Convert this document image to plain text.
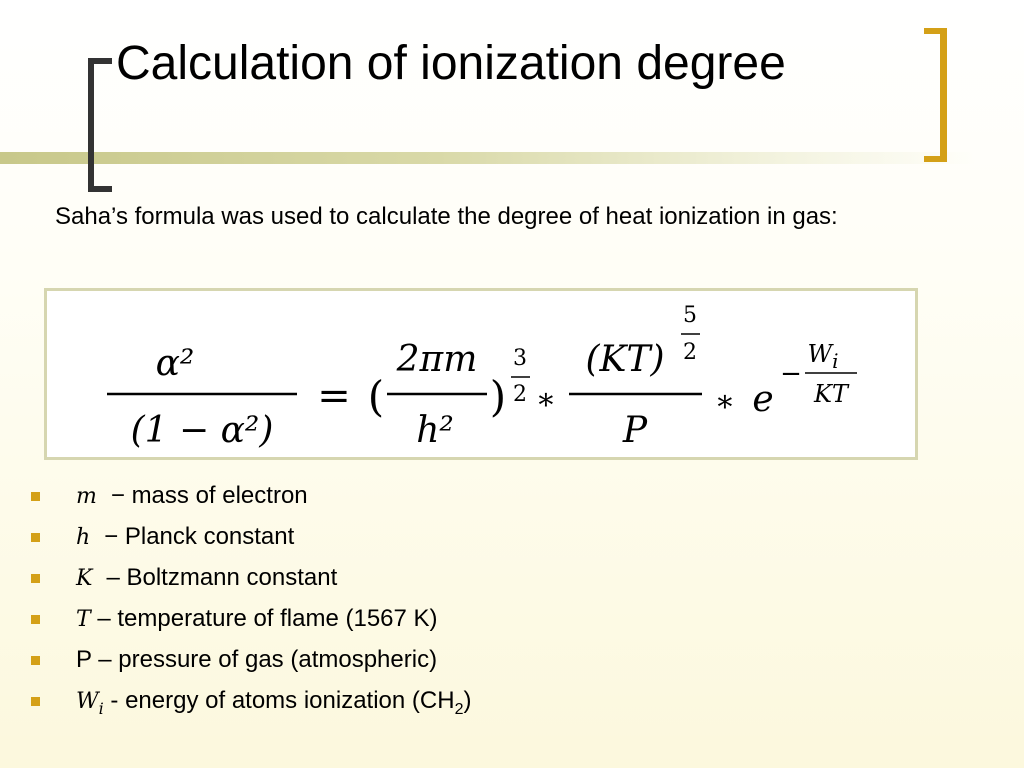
Calculation of ionization degree
Saha’s formula was used to calculate the degree of heat ionization in gas:
α²
(1 − α²)
= (
2πm
h²
)
3
2 ∗
(KT)
5
2
P
∗ e
−
$W_i$
KT
m − mass of electron
h − Planck constant
K – Boltzmann constant
T – temperature of flame (1567 K)
P – pressure of gas (atmospheric)
$W_i$ - energy of atoms ionization $(CH_2)$
